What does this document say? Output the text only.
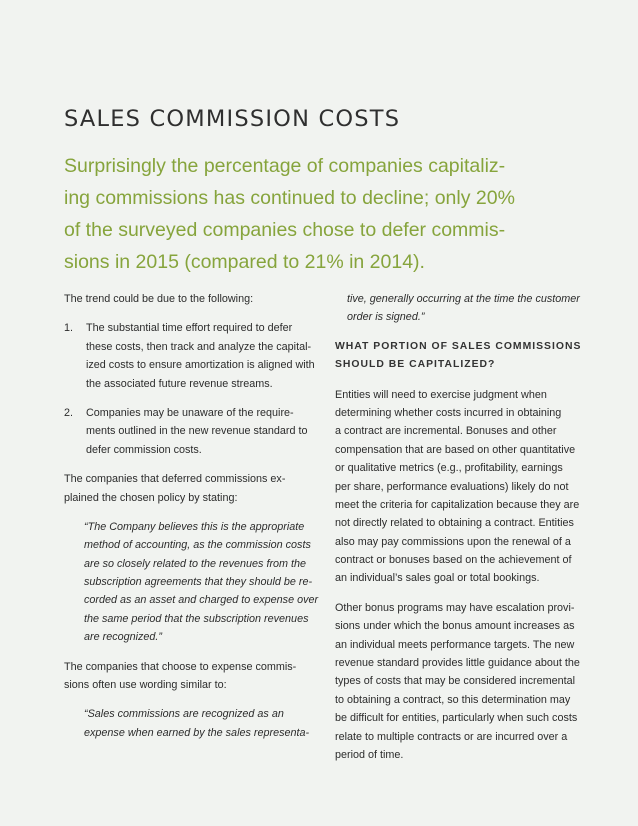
SALES COMMISSION COSTS

Surprisingly the percentage of companies capitaliz-
ing commissions has continued to decline; only 20%
of the surveyed companies chose to defer commis-
sions in 2015 (compared to 21% in 2014).

The trend could be due to the following:
1. The substantial time effort required to defer
these costs, then track and analyze the capital-
ized costs to ensure amortization is aligned with
the associated future revenue streams.
2. Companies may be unaware of the require-
ments outlined in the new revenue standard to
defer commission costs.
The companies that deferred commissions ex-
plained the chosen policy by stating:
“The Company believes this is the appropriate
method of accounting, as the commission costs
are so closely related to the revenues from the
subscription agreements that they should be re-
corded as an asset and charged to expense over
the same period that the subscription revenues
are recognized.”
The companies that choose to expense commis-
sions often use wording similar to:
“Sales commissions are recognized as an
expense when earned by the sales representa-
tive, generally occurring at the time the customer
order is signed.”
WHAT PORTION OF SALES COMMISSIONS
SHOULD BE CAPITALIZED?
Entities will need to exercise judgment when
determining whether costs incurred in obtaining
a contract are incremental. Bonuses and other
compensation that are based on other quantitative
or qualitative metrics (e.g., profitability, earnings
per share, performance evaluations) likely do not
meet the criteria for capitalization because they are
not directly related to obtaining a contract. Entities
also may pay commissions upon the renewal of a
contract or bonuses based on the achievement of
an individual’s sales goal or total bookings.
Other bonus programs may have escalation provi-
sions under which the bonus amount increases as
an individual meets performance targets. The new
revenue standard provides little guidance about the
types of costs that may be considered incremental
to obtaining a contract, so this determination may
be difficult for entities, particularly when such costs
relate to multiple contracts or are incurred over a
period of time.
